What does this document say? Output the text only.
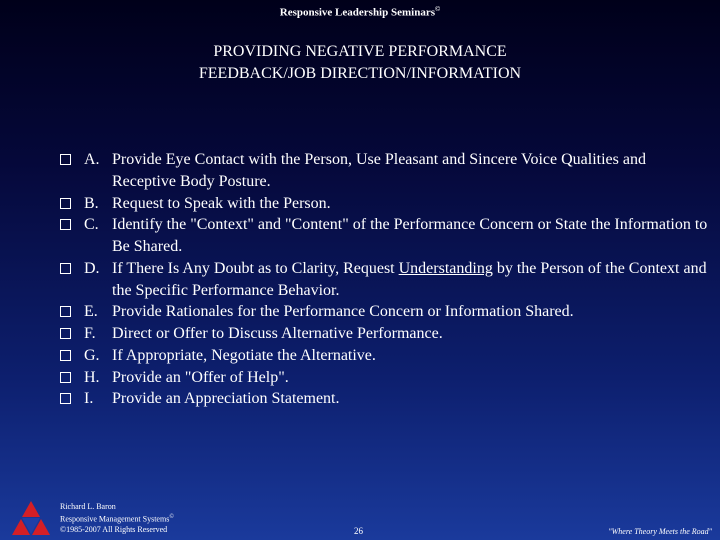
Responsive Leadership Seminars©
PROVIDING NEGATIVE PERFORMANCE
FEEDBACK/JOB DIRECTION/INFORMATION
A. Provide Eye Contact with the Person, Use Pleasant and Sincere Voice Qualities and Receptive Body Posture.
B. Request to Speak with the Person.
C. Identify the "Context" and "Content" of the Performance Concern or State the Information to Be Shared.
D. If There Is Any Doubt as to Clarity, Request Understanding by the Person of the Context and the Specific Performance Behavior.
E. Provide Rationales for the Performance Concern or Information Shared.
F.	Direct or Offer to Discuss Alternative Performance.
G. If Appropriate, Negotiate the Alternative.
H. Provide an "Offer of Help".
I.	Provide an Appreciation Statement.
Richard L. Baron
Responsive Management Systems©
©1985-2007 All Rights Reserved	26	"Where Theory Meets the Road"
